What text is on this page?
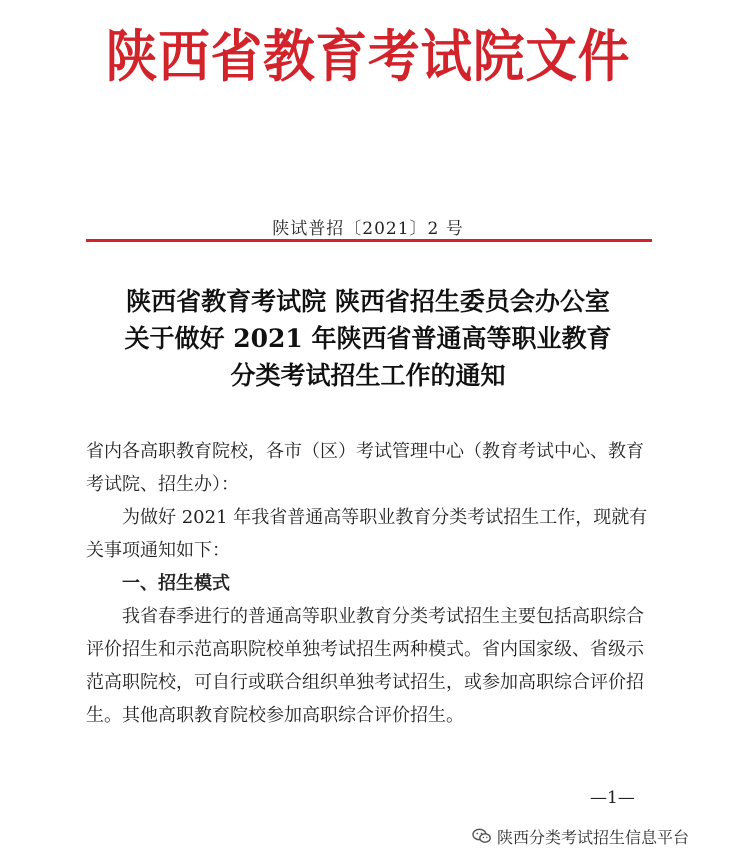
陕西省教育考试院文件
陕试普招〔2021〕2 号
陕西省教育考试院 陕西省招生委员会办公室
关于做好 2021 年陕西省普通高等职业教育
分类考试招生工作的通知

省内各高职教育院校，各市（区）考试管理中心（教育考试中心、教育考试院、招生办）：

为做好 2021 年我省普通高等职业教育分类考试招生工作，现就有关事项通知如下：

一、招生模式

我省春季进行的普通高等职业教育分类考试招生主要包括高职综合评价招生和示范高职院校单独考试招生两种模式。省内国家级、省级示范高职院校，可自行或联合组织单独考试招生，或参加高职综合评价招生。其他高职教育院校参加高职综合评价招生。

—1—
陕西分类考试招生信息平台
